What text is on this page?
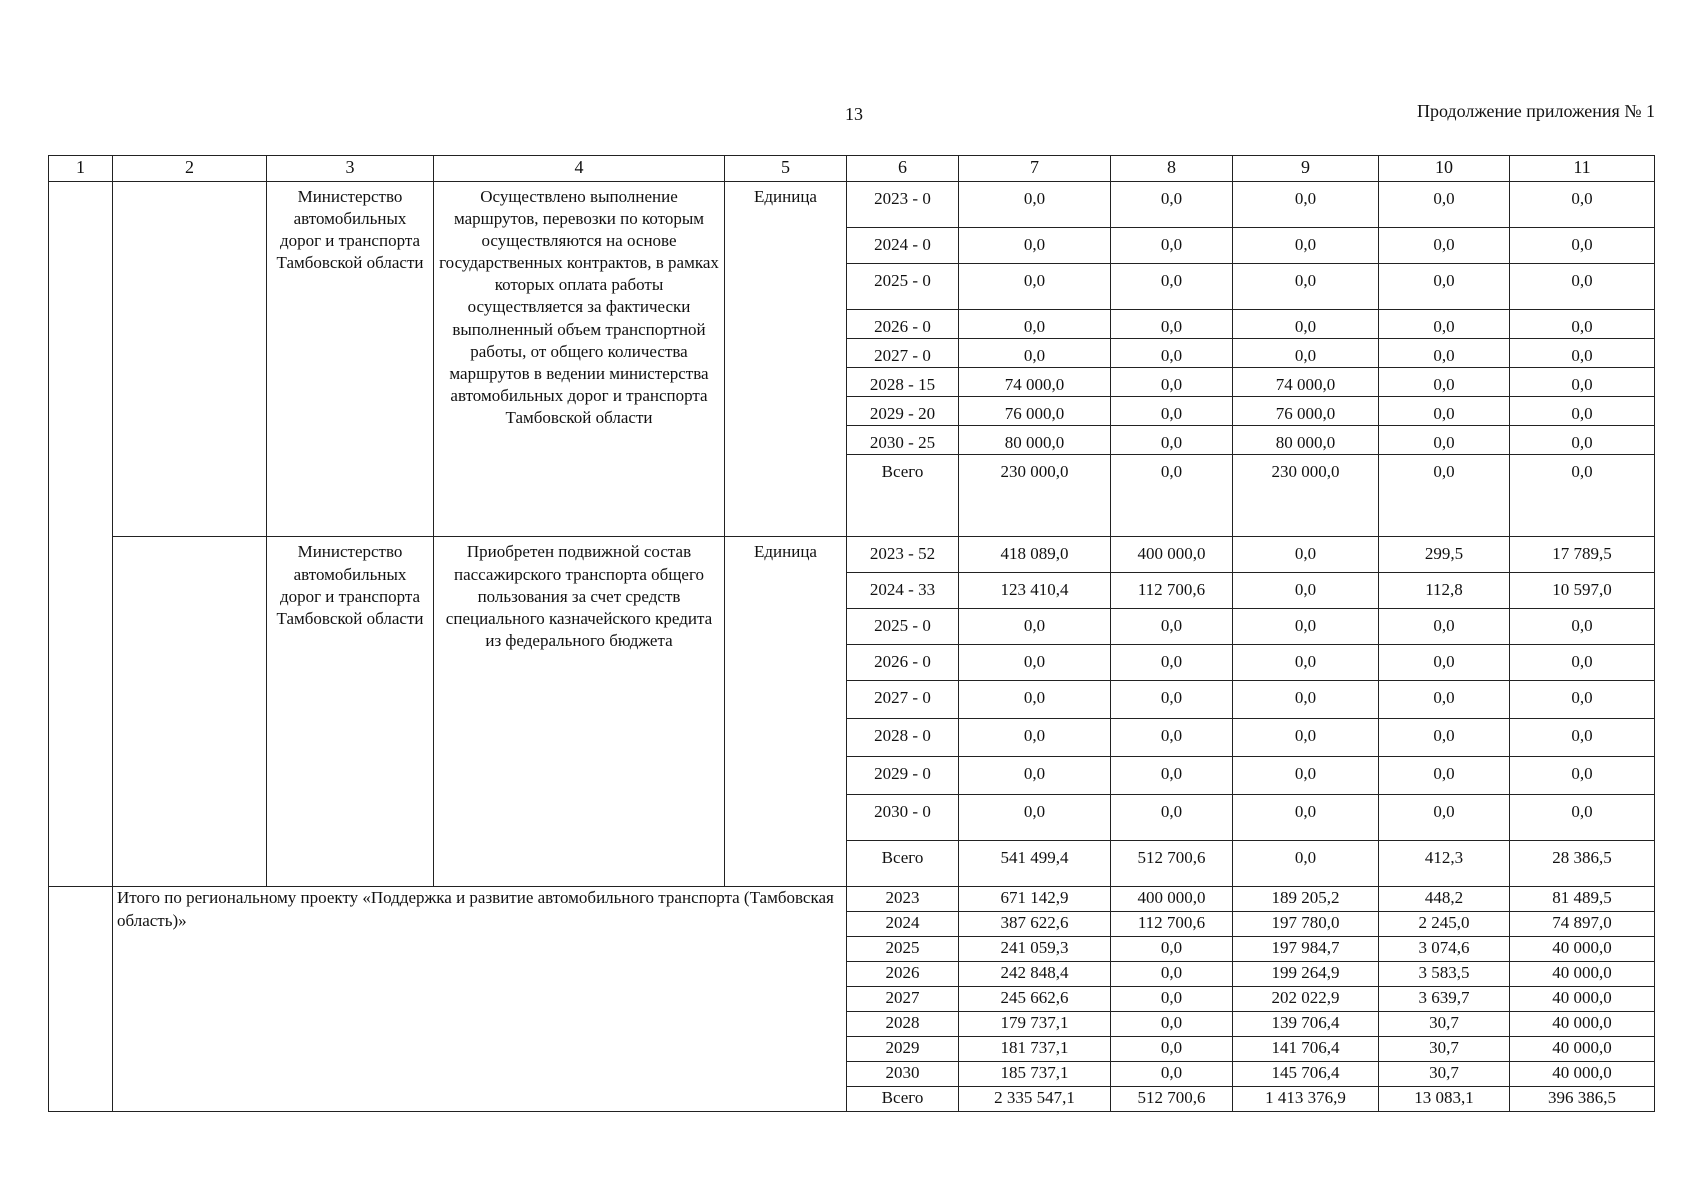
13	Продолжение приложения № 1
1	2	3	4	5	6	7	8	9	10	11
		Министерство автомобильных дорог и транспорта Тамбовской области	Осуществлено выполнение маршрутов, перевозки по которым осуществляются на основе государственных контрактов, в рамках которых оплата работы осуществляется за фактически выполненный объем транспортной работы, от общего количества маршрутов в ведении министерства автомобильных дорог и транспорта Тамбовской области	Единица	2023 - 0	0,0	0,0	0,0	0,0	0,0
					2024 - 0	0,0	0,0	0,0	0,0	0,0
					2025 - 0	0,0	0,0	0,0	0,0	0,0
					2026 - 0	0,0	0,0	0,0	0,0	0,0
					2027 - 0	0,0	0,0	0,0	0,0	0,0
					2028 - 15	74 000,0	0,0	74 000,0	0,0	0,0
					2029 - 20	76 000,0	0,0	76 000,0	0,0	0,0
					2030 - 25	80 000,0	0,0	80 000,0	0,0	0,0
					Всего	230 000,0	0,0	230 000,0	0,0	0,0
		Министерство автомобильных дорог и транспорта Тамбовской области	Приобретен подвижной состав пассажирского транспорта общего пользования за счет средств специального казначейского кредита из федерального бюджета	Единица	2023 - 52	418 089,0	400 000,0	0,0	299,5	17 789,5
					2024 - 33	123 410,4	112 700,6	0,0	112,8	10 597,0
					2025 - 0	0,0	0,0	0,0	0,0	0,0
					2026 - 0	0,0	0,0	0,0	0,0	0,0
					2027 - 0	0,0	0,0	0,0	0,0	0,0
					2028 - 0	0,0	0,0	0,0	0,0	0,0
					2029 - 0	0,0	0,0	0,0	0,0	0,0
					2030 - 0	0,0	0,0	0,0	0,0	0,0
					Всего	541 499,4	512 700,6	0,0	412,3	28 386,5
	Итого по региональному проекту «Поддержка и развитие автомобильного транспорта (Тамбовская область)»				2023	671 142,9	400 000,0	189 205,2	448,2	81 489,5
					2024	387 622,6	112 700,6	197 780,0	2 245,0	74 897,0
					2025	241 059,3	0,0	197 984,7	3 074,6	40 000,0
					2026	242 848,4	0,0	199 264,9	3 583,5	40 000,0
					2027	245 662,6	0,0	202 022,9	3 639,7	40 000,0
					2028	179 737,1	0,0	139 706,4	30,7	40 000,0
					2029	181 737,1	0,0	141 706,4	30,7	40 000,0
					2030	185 737,1	0,0	145 706,4	30,7	40 000,0
					Всего	2 335 547,1	512 700,6	1 413 376,9	13 083,1	396 386,5
